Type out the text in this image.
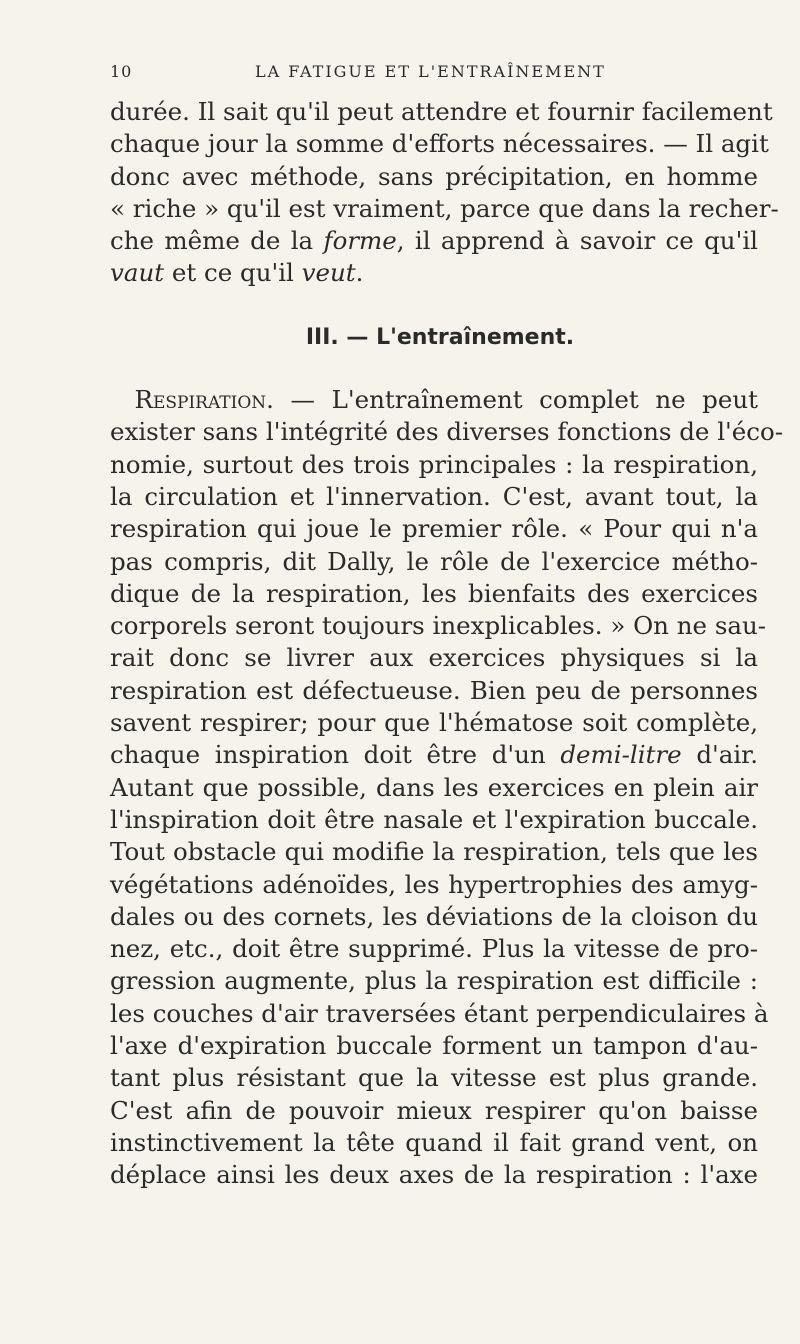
10	LA FATIGUE ET L'ENTRAÎNEMENT
durée. Il sait qu'il peut attendre et fournir facilement
chaque jour la somme d'efforts nécessaires. — Il agit
donc avec méthode, sans précipitation, en homme
« riche » qu'il est vraiment, parce que dans la recher-
che même de la forme, il apprend à savoir ce qu'il
vaut et ce qu'il veut.
III. — L'entraînement.
  Respiration. — L'entraînement complet ne peut
exister sans l'intégrité des diverses fonctions de l'éco-
nomie, surtout des trois principales : la respiration,
la circulation et l'innervation. C'est, avant tout, la
respiration qui joue le premier rôle. « Pour qui n'a
pas compris, dit Dally, le rôle de l'exercice métho-
dique de la respiration, les bienfaits des exercices
corporels seront toujours inexplicables. » On ne sau-
rait donc se livrer aux exercices physiques si la
respiration est défectueuse. Bien peu de personnes
savent respirer; pour que l'hématose soit complète,
chaque inspiration doit être d'un demi-litre d'air.
Autant que possible, dans les exercices en plein air
l'inspiration doit être nasale et l'expiration buccale.
Tout obstacle qui modifie la respiration, tels que les
végétations adénoïdes, les hypertrophies des amyg-
dales ou des cornets, les déviations de la cloison du
nez, etc., doit être supprimé. Plus la vitesse de pro-
gression augmente, plus la respiration est difficile :
les couches d'air traversées étant perpendiculaires à
l'axe d'expiration buccale forment un tampon d'au-
tant plus résistant que la vitesse est plus grande.
C'est afin de pouvoir mieux respirer qu'on baisse
instinctivement la tête quand il fait grand vent, on
déplace ainsi les deux axes de la respiration : l'axe
